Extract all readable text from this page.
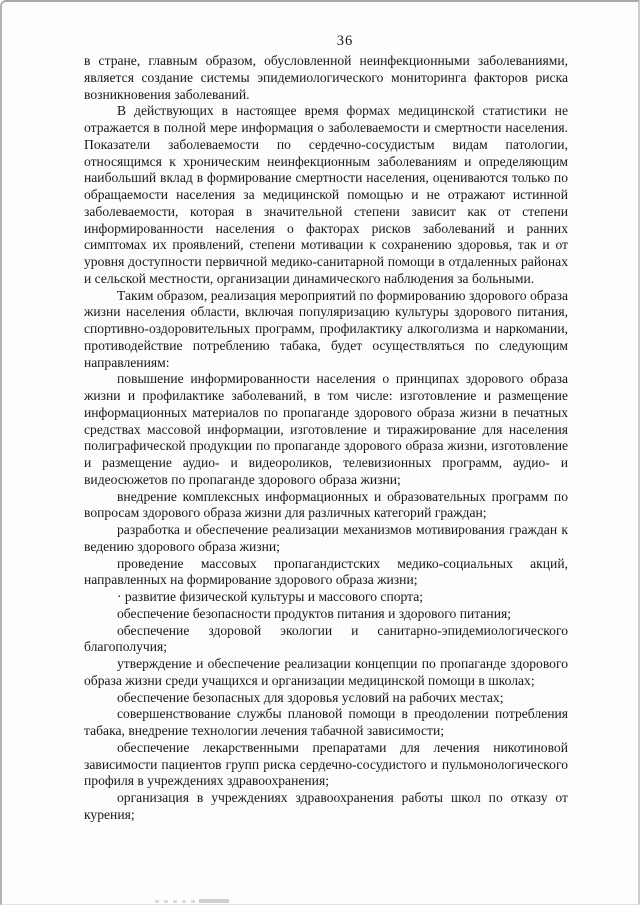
36

в стране, главным образом, обусловленной неинфекционными заболеваниями, является создание системы эпидемиологического мониторинга факторов риска возникновения заболеваний.

В действующих в настоящее время формах медицинской статистики не отражается в полной мере информация о заболеваемости и смертности населения. Показатели заболеваемости по сердечно-сосудистым видам патологии, относящимся к хроническим неинфекционным заболеваниям и определяющим наибольший вклад в формирование смертности населения, оцениваются только по обращаемости населения за медицинской помощью и не отражают истинной заболеваемости, которая в значительной степени зависит как от степени информированности населения о факторах рисков заболеваний и ранних симптомах их проявлений, степени мотивации к сохранению здоровья, так и от уровня доступности первичной медико-санитарной помощи в отдаленных районах и сельской местности, организации динамического наблюдения за больными.

Таким образом, реализация мероприятий по формированию здорового образа жизни населения области, включая популяризацию культуры здорового питания, спортивно-оздоровительных программ, профилактику алкоголизма и наркомании, противодействие потреблению табака, будет осуществляться по следующим направлениям:

повышение информированности населения о принципах здорового образа жизни и профилактике заболеваний, в том числе: изготовление и размещение информационных материалов по пропаганде здорового образа жизни в печатных средствах массовой информации, изготовление и тиражирование для населения полиграфической продукции по пропаганде здорового образа жизни, изготовление и размещение аудио- и видеороликов, телевизионных программ, аудио- и видеосюжетов по пропаганде здорового образа жизни;

внедрение комплексных информационных и образовательных программ по вопросам здорового образа жизни для различных категорий граждан;

разработка и обеспечение реализации механизмов мотивирования граждан к ведению здорового образа жизни;

проведение массовых пропагандистских медико-социальных акций, направленных на формирование здорового образа жизни;

· развитие физической культуры и массового спорта;

обеспечение безопасности продуктов питания и здорового питания;

обеспечение здоровой экологии и санитарно-эпидемиологического благополучия;

утверждение и обеспечение реализации концепции по пропаганде здорового образа жизни среди учащихся и организации медицинской помощи в школах;

обеспечение безопасных для здоровья условий на рабочих местах;

совершенствование службы плановой помощи в преодолении потребления табака, внедрение технологии лечения табачной зависимости;

обеспечение лекарственными препаратами для лечения никотиновой зависимости пациентов групп риска сердечно-сосудистого и пульмонологического профиля в учреждениях здравоохранения;

организация в учреждениях здравоохранения работы школ по отказу от курения;
